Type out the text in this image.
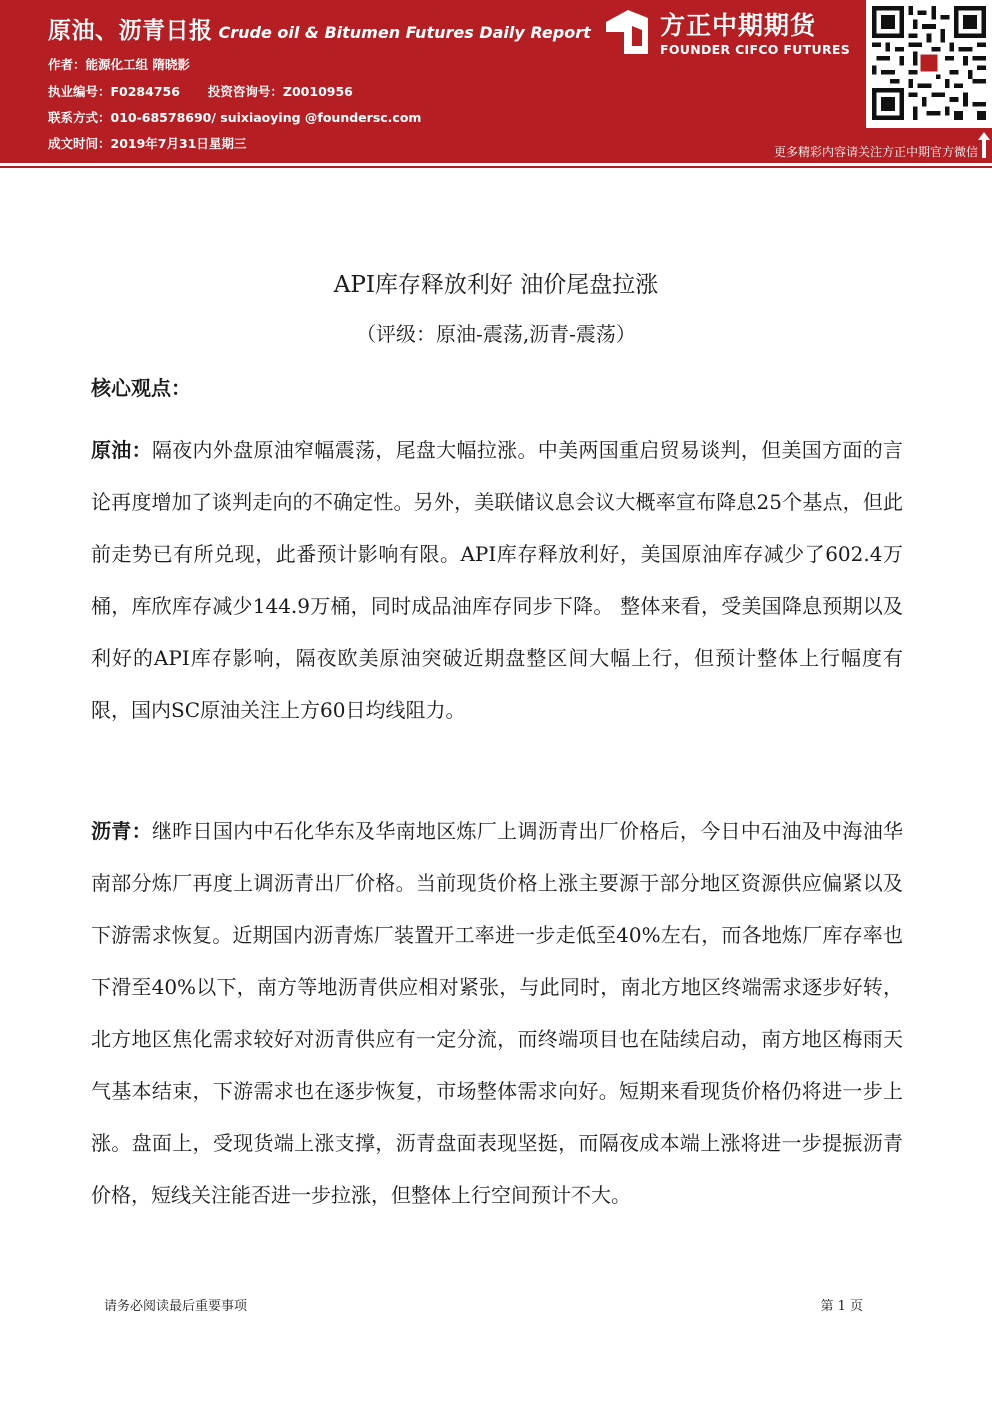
原油、沥青日报 Crude oil & Bitumen Futures Daily Report
作者：能源化工组 隋晓影
执业编号：F0284756 投资咨询号：Z0010956
联系方式：010-68578690/ suixiaoying @foundersc.com
成文时间：2019年7月31日星期三
方正中期期货
FOUNDER CIFCO FUTURES
更多精彩内容请关注方正中期官方微信
API库存释放利好 油价尾盘拉涨
（评级：原油-震荡,沥青-震荡）
核心观点：
原油：隔夜内外盘原油窄幅震荡，尾盘大幅拉涨。中美两国重启贸易谈判，但美国方面的言论再度增加了谈判走向的不确定性。另外，美联储议息会议大概率宣布降息25个基点，但此前走势已有所兑现，此番预计影响有限。API库存释放利好，美国原油库存减少了602.4万桶，库欣库存减少144.9万桶，同时成品油库存同步下降。 整体来看，受美国降息预期以及利好的API库存影响，隔夜欧美原油突破近期盘整区间大幅上行，但预计整体上行幅度有限，国内SC原油关注上方60日均线阻力。
沥青：继昨日国内中石化华东及华南地区炼厂上调沥青出厂价格后，今日中石油及中海油华南部分炼厂再度上调沥青出厂价格。当前现货价格上涨主要源于部分地区资源供应偏紧以及下游需求恢复。近期国内沥青炼厂装置开工率进一步走低至40%左右，而各地炼厂库存率也下滑至40%以下，南方等地沥青供应相对紧张，与此同时，南北方地区终端需求逐步好转，北方地区焦化需求较好对沥青供应有一定分流，而终端项目也在陆续启动，南方地区梅雨天气基本结束，下游需求也在逐步恢复，市场整体需求向好。短期来看现货价格仍将进一步上涨。盘面上，受现货端上涨支撑，沥青盘面表现坚挺，而隔夜成本端上涨将进一步提振沥青价格，短线关注能否进一步拉涨，但整体上行空间预计不大。
请务必阅读最后重要事项	第 1 页
